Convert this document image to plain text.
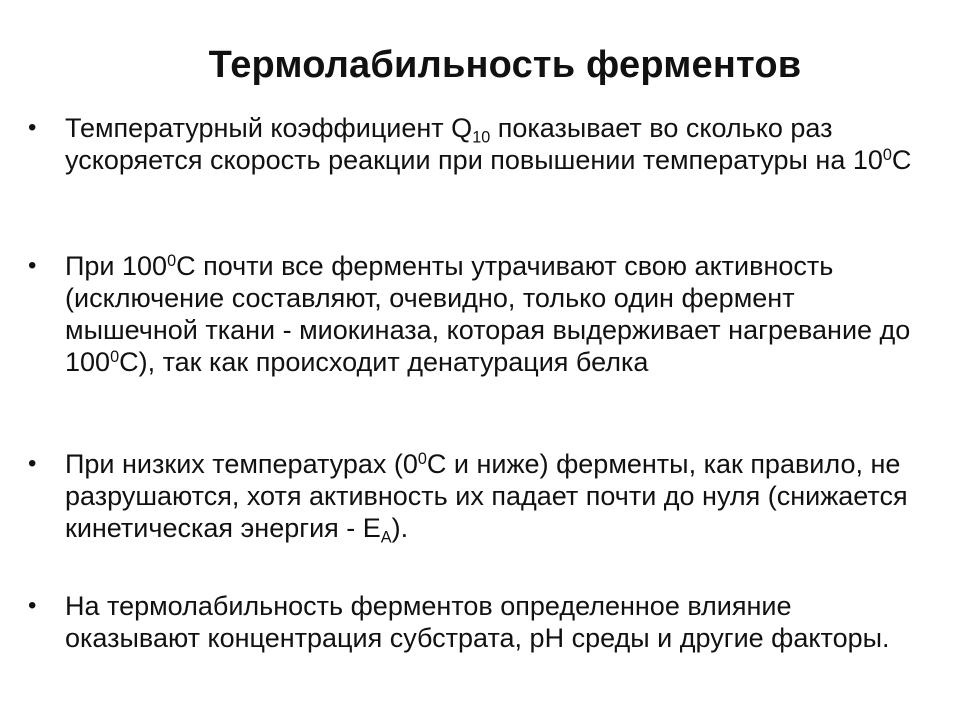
Термолабильность ферментов
• Температурный коэффициент $Q_{10}$ показывает во сколько раз ускоряется скорость реакции при повышении температуры на $10^0С$
• При $100^0С$ почти все ферменты утрачивают свою активность (исключение составляют, очевидно, только один фермент мышечной ткани - миокиназа, которая выдерживает нагревание до $100^0С$), так как происходит денатурация белка
• При низких температурах ($0^0С$ и ниже) ферменты, как правило, не разрушаются, хотя активность их падает почти до нуля (снижается кинетическая энергия - $Е_А$).
• На термолабильность ферментов определенное влияние оказывают концентрация субстрата, рН среды и другие факторы.
